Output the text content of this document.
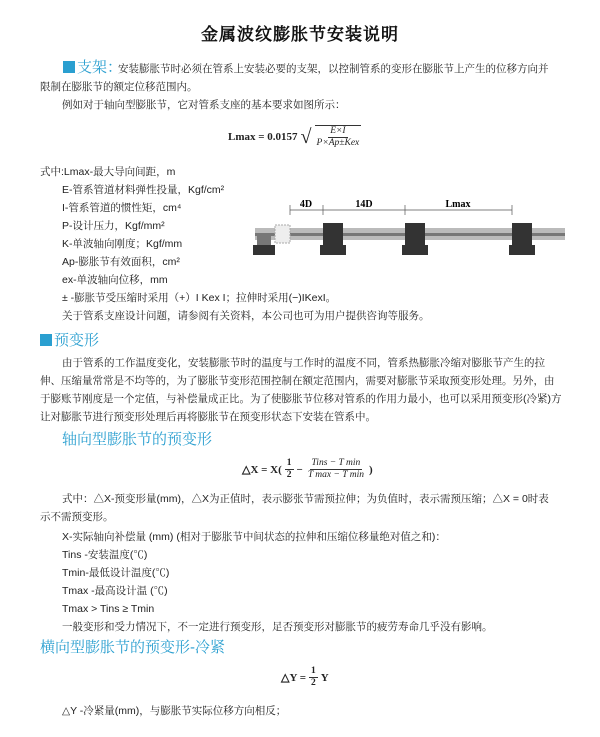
金属波纹膨胀节安装说明
支架：
安装膨胀节时必须在管系上安装必要的支架，以控制管系的变形在膨胀节上产生的位移方向并
限制在膨胀节的额定位移范围内。
例如对于轴向型膨胀节，它对管系支座的基本要求如图所示：
Lmax = 0.0157 √ $\frac{E\times I}{\text{P×Ap±Kex}}$
式中:Lmax-最大导向间距，m
E-管系管道材料弹性投量，Kgf/cm²
I-管系管道的惯性矩，cm⁴
P-设计压力，Kgf/mm²
K-单波轴向刚度；Kgf/mm
Ap-膨胀节有效面积，cm²
ex-单波轴向位移，mm
± -膨胀节受压缩时采用（+）I Kex I；拉伸时采用(−)IKexI。
关于管系支座设计问题，请参阅有关资料，本公司也可为用户提供咨询等服务。
4D	14D	Lmax
预变形
由于管系的工作温度变化，安装膨胀节时的温度与工作时的温度不同，管系热膨胀冷缩对膨胀节产生的拉
伸、压缩量常常是不均等的，为了膨胀节变形范围控制在额定范围内，需要对膨胀节采取预变形处理。另外，由
于膨账节刚度是一个定值，与补偿量成正比。为了使膨胀节位移对管系的作用力最小，也可以采用预变形(冷紧)方
让对膨胀节进行预变形处理后再将膨胀节在预变形状态下安装在管系中。
轴向型膨胀节的预变形
△X = $X( \frac{1}{2} - \frac{\text{Tins − T min}}{\text{T max − T min}}$ )
式中：△X-预变形量(mm)，△X为正值时，表示膨张节需预拉伸；为负值时，表示需预压缩；△X = 0时表
示不需预变形。
X-实际轴向补偿量 (mm) (相对于膨胀节中间状态的拉伸和压缩位移量绝对值之和)：
Tins -安装温度(℃)
Tmin-最低设计温度(℃)
Tmax -最高设计温 (℃)
Tmax > Tins ≥ Tmin
一般变形和受力情况下，不一定进行预变形，足否预变形对膨胀节的疲劳寿命几乎没有影响。
横向型膨胀节的预变形-冷紧
△Y = $\frac{1}{2}$ Y
△Y -冷紧量(mm)，与膨胀节实际位移方向相反；
